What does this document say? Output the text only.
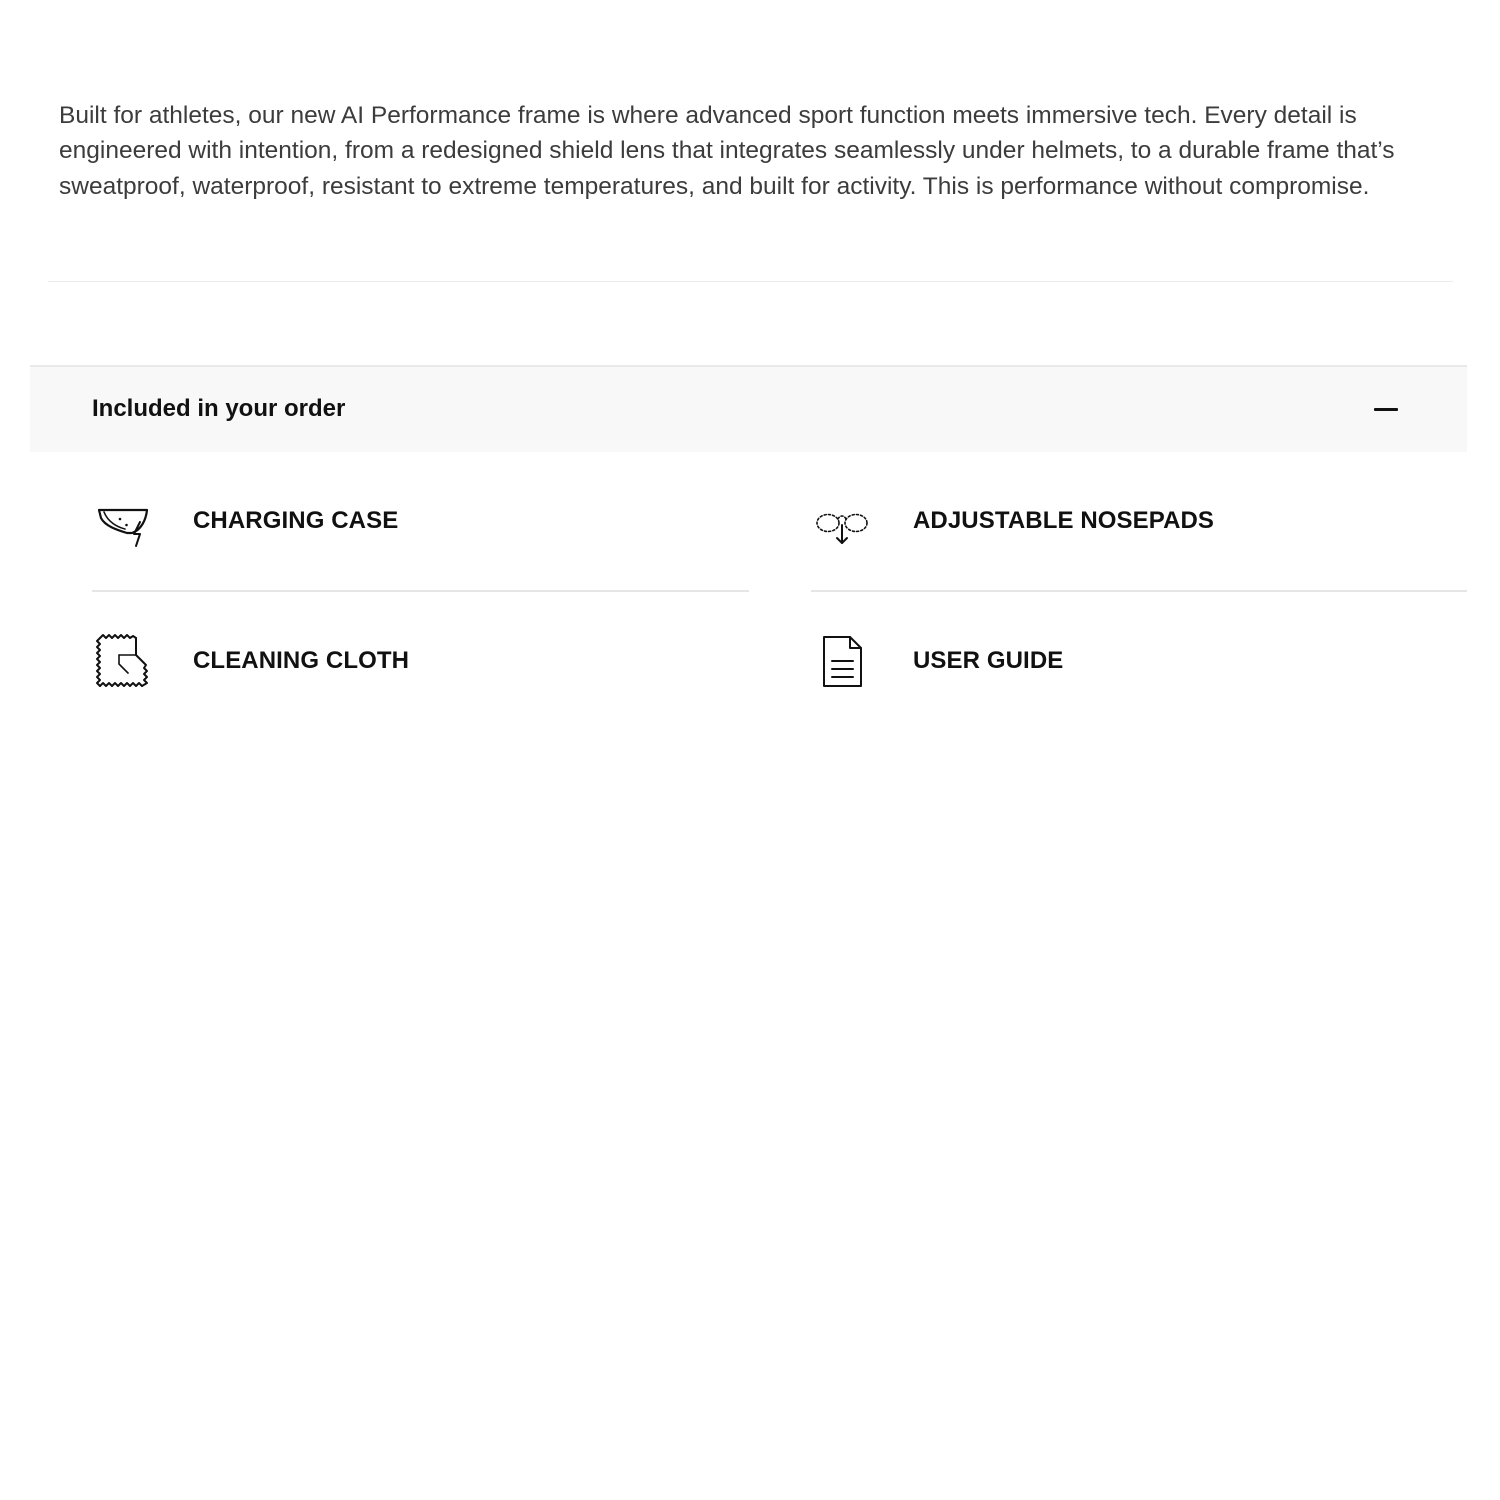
Built for athletes, our new AI Performance frame is where advanced sport function meets immersive tech. Every detail is engineered with intention, from a redesigned shield lens that integrates seamlessly under helmets, to a durable frame that’s sweatproof, waterproof, resistant to extreme temperatures, and built for activity. This is performance without compromise.

Included in your order
CHARGING CASE	ADJUSTABLE NOSEPADS
CLEANING CLOTH	USER GUIDE
